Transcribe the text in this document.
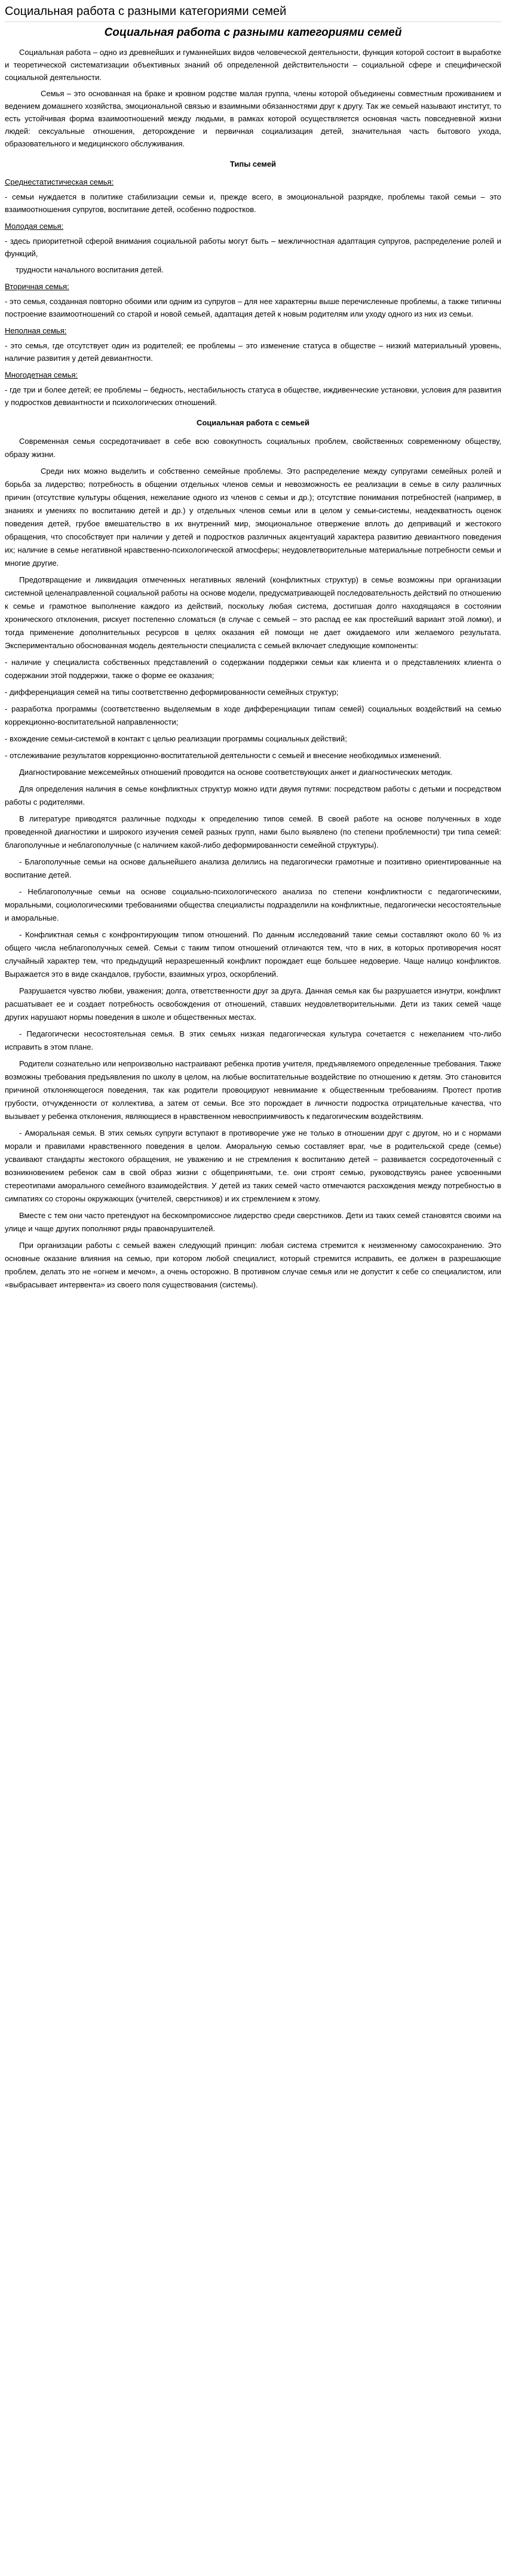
Социальная работа с разными категориями семей
Социальная работа с разными категориями семей

Социальная работа – одно из древнейших и гуманнейших видов человеческой деятельности, функция которой состоит в выработке и теоретической систематизации объективных знаний об определенной действительности – социальной сфере и специфической социальной деятельности.

Семья – это основанная на браке и кровном родстве малая группа, члены которой объединены совместным проживанием и ведением домашнего хозяйства, эмоциональной связью и взаимными обязанностями друг к другу. Так же семьей называют институт, то есть устойчивая форма взаимоотношений между людьми, в рамках которой осуществляется основная часть повседневной жизни людей: сексуальные отношения, деторождение и первичная социализация детей, значительная часть бытового ухода, образовательного и медицинского обслуживания.

Типы семей
Среднестатистическая семья:

- семьи нуждается в политике стабилизации семьи и, прежде всего, в эмоциональной разрядке, проблемы такой семьи – это взаимоотношения супругов, воспитание детей, особенно подростков.

Молодая семья:

- здесь приоритетной сферой внимания социальной работы могут быть – межличностная адаптация супругов, распределение ролей и функций,

трудности начального воспитания детей.

Вторичная семья:

- это семья, созданная повторно обоими или одним из супругов – для нее характерны выше перечисленные проблемы, а также типичны построение взаимоотношений со старой и новой семьей, адаптация детей к новым родителям или уходу одного из них из семьи.

Неполная семья:

- это семья, где отсутствует один из родителей; ее проблемы – это изменение статуса в обществе – низкий материальный уровень, наличие развития у детей девиантности.

Многодетная семья:

- где три и более детей; ее проблемы – бедность, нестабильность статуса в обществе, иждивенческие установки, условия для развития у подростков девиантности и психологических отношений.

Социальная работа с семьей

Современная семья сосредотачивает в себе всю совокупность социальных проблем, свойственных современному обществу, образу жизни.

Среди них можно выделить и собственно семейные проблемы. Это распределение между супругами семейных ролей и борьба за лидерство; потребность в общении отдельных членов семьи и невозможность ее реализации в семье в силу различных причин (отсутствие культуры общения, нежелание одного из членов с семьи и др.); отсутствие понимания потребностей (например, в знаниях и умениях по воспитанию детей и др.) у отдельных членов семьи или в целом у семьи-системы, неадекватность оценок поведения детей, грубое вмешательство в их внутренний мир, эмоциональное отвержение вплоть до деприваций и жестокого обращения, что способствует при наличии у детей и подростков различных акцентуаций характера развитию девиантного поведения их; наличие в семье негативной нравственно-психологической атмосферы; неудовлетворительные материальные потребности семьи и многие другие.

Предотвращение и ликвидация отмеченных негативных явлений (конфликтных структур) в семье возможны при организации системной целенаправленной социальной работы на основе модели, предусматривающей последовательность действий по отношению к семье и грамотное выполнение каждого из действий, поскольку любая система, достигшая долго находящаяся в состоянии хронического отклонения, рискует постепенно сломаться (в случае с семьей – это распад ее как простейший вариант этой ломки), и тогда применение дополнительных ресурсов в целях оказания ей помощи не дает ожидаемого или желаемого результата. Экспериментально обоснованная модель деятельности специалиста с семьей включает следующие компоненты:

- наличие у специалиста собственных представлений о содержании поддержки семьи как клиента и о представлениях клиента о содержании этой поддержки, также о форме ее оказания;

- дифференциация семей на типы соответственно деформированности семейных структур;

- разработка программы (соответственно выделяемым в ходе дифференциации типам семей) социальных воздействий на семью коррекционно-воспитательной направленности;

- вхождение семьи-системой в контакт с целью реализации программы социальных действий;

- отслеживание результатов коррекционно-воспитательной деятельности с семьей и внесение необходимых изменений.

Диагностирование межсемейных отношений проводится на основе соответствующих анкет и диагностических методик.

Для определения наличия в семье конфликтных структур можно идти двумя путями: посредством работы с детьми и посредством работы с родителями.

В литературе приводятся различные подходы к определению типов семей. В своей работе на основе полученных в ходе проведенной диагностики и широкого изучения семей разных групп, нами было выявлено (по степени проблемности) три типа семей: благополучные и неблагополучные (с наличием какой-либо деформированности семейной структуры).

- Благополучные семьи на основе дальнейшего анализа делились на педагогически грамотные и позитивно ориентированные на воспитание детей.

- Неблагополучные семьи на основе социально-психологического анализа по степени конфликтности с педагогическими, моральными, социологическими требованиями общества специалисты подразделили на конфликтные, педагогически несостоятельные и аморальные.

- Конфликтная семья с конфронтирующим типом отношений. По данным исследований такие семьи составляют около 60 % из общего числа неблагополучных семей. Семьи с таким типом отношений отличаются тем, что в них, в которых противоречия носят случайный характер тем, что предыдущий неразрешенный конфликт порождает еще большее недоверие. Чаще налицо конфликтов. Выражается это в виде скандалов, грубости, взаимных угроз, оскорблений.

Разрушается чувство любви, уважения; долга, ответственности друг за друга. Данная семья как бы разрушается изнутри, конфликт расшатывает ее и создает потребность освобождения от отношений, ставших неудовлетворительными. Дети из таких семей чаще других нарушают нормы поведения в школе и общественных местах.

- Педагогически несостоятельная семья. В этих семьях низкая педагогическая культура сочетается с нежеланием что-либо исправить в этом плане.

Родители сознательно или непроизвольно настраивают ребенка против учителя, предъявляемого определенные требования. Также возможны требования предъявления по школу в целом, на любые воспитательные воздействие по отношению к детям. Это становится причиной отклоняющегося поведения, так как родители провоцируют невнимание к общественным требованиям. Протест против грубости, отчужденности от коллектива, а затем от семьи. Все это порождает в личности подростка отрицательные качества, что вызывает у ребенка отклонения, являющиеся в нравственном невосприимчивость к педагогическим воздействиям.

- Аморальная семья. В этих семьях супруги вступают в противоречие уже не только в отношении друг с другом, но и с нормами морали и правилами нравственного поведения в целом. Аморальную семью составляет враг, чье в родительской среде (семье) усваивают стандарты жестокого обращения, не уважению и не стремления к воспитанию детей – развивается сосредоточенный с возникновением ребенок сам в свой образ жизни с общепринятыми, т.е. они строят семью, руководствуясь ранее усвоенными стереотипами аморального семейного взаимодействия. У детей из таких семей часто отмечаются расхождения между потребностью в симпатиях со стороны окружающих (учителей, сверстников) и их стремлением к этому.

Вместе с тем они часто претендуют на бескомпромиссное лидерство среди сверстников. Дети из таких семей становятся своими на улице и чаще других пополняют ряды правонарушителей.

При организации работы с семьей важен следующий принцип: любая система стремится к неизменному самосохранению. Это основные оказание влияния на семью, при котором любой специалист, который стремится исправить, ее должен в разрешающие проблем, делать это не «огнем и мечом», а очень осторожно. В противном случае семья или не допустит к себе со специалистом, или «выбрасывает интервента» из своего поля существования (системы).
